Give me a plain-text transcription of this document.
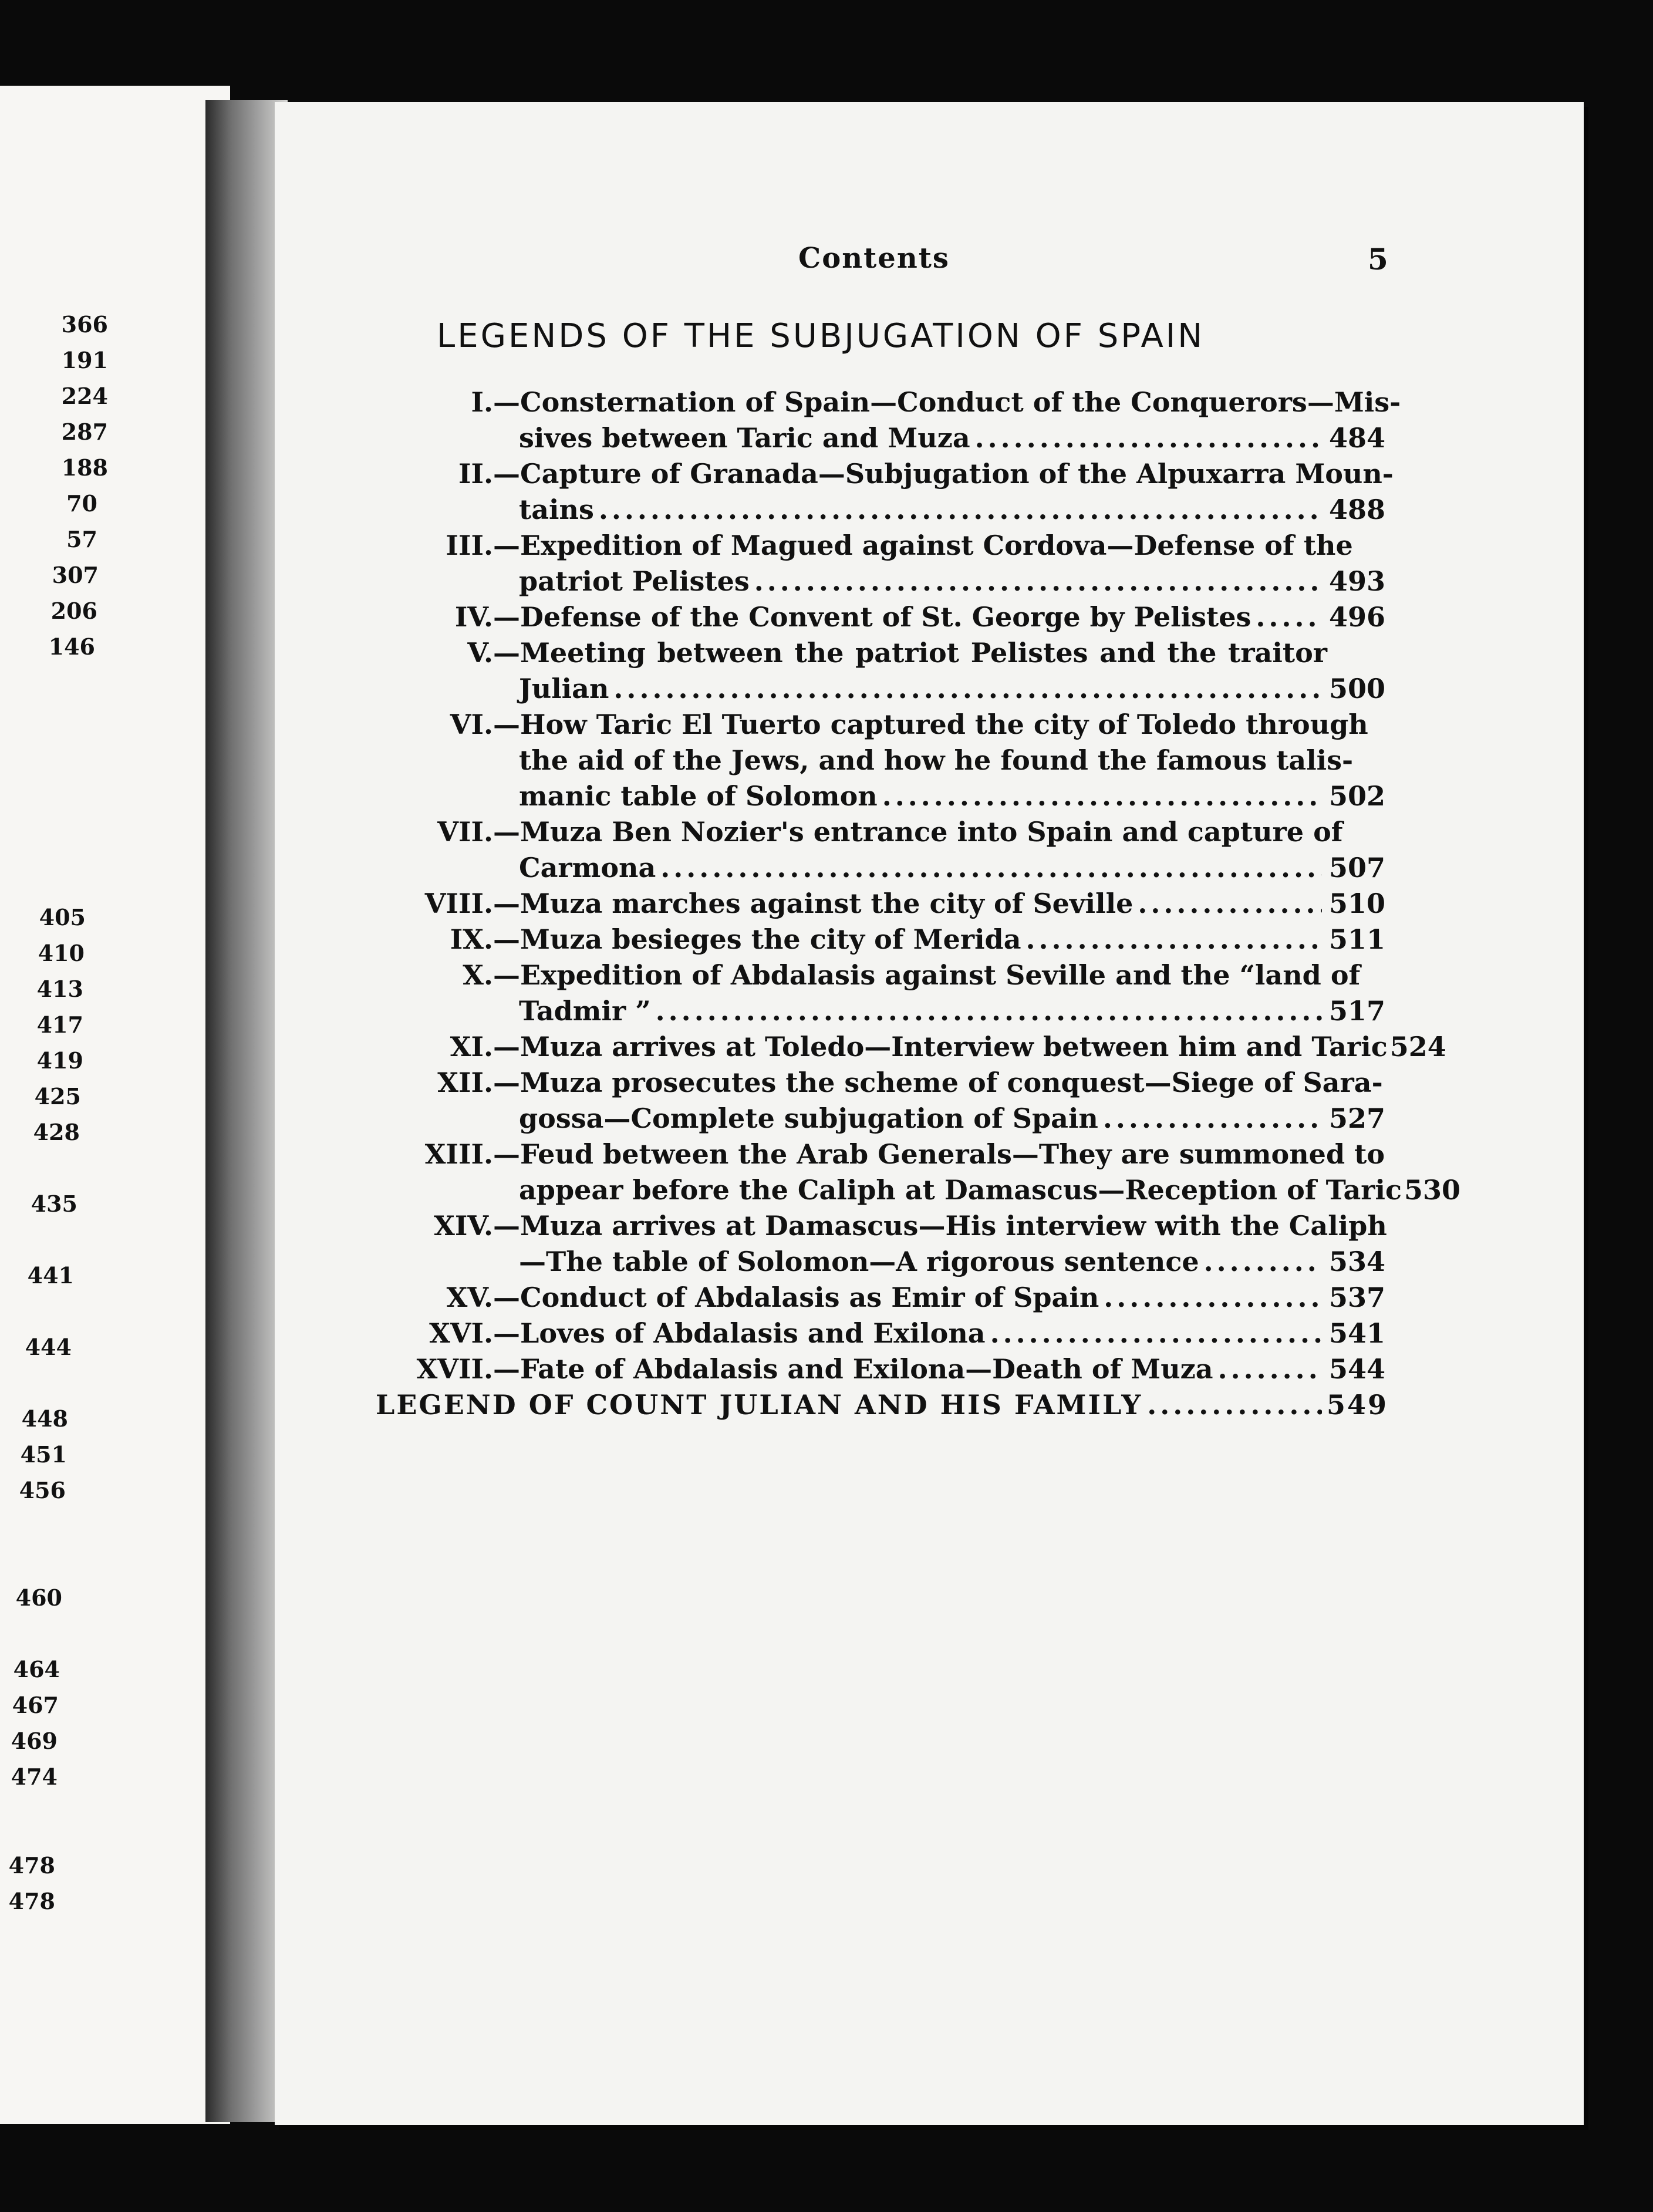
366
191
224
287
188
70
57
307
206
146
405
410
413
417
419
425
428
435
441
444
448
451
456
460
464
467
469
474
478
478
Contents	5
LEGENDS OF THE SUBJUGATION OF SPAIN
I. —Consternation of Spain—Conduct of the Conquerors—Mis-
sives between Taric and Muza .....	484
II. —Capture of Granada—Subjugation of the Alpuxarra Moun-
tains .....	488
III. —Expedition of Magued against Cordova—Defense of the
patriot Pelistes .....	493
IV. —Defense of the Convent of St. George by Pelistes .....	496
V. —Meeting between the patriot Pelistes and the traitor
Julian .....	500
VI. —How Taric El Tuerto captured the city of Toledo through
the aid of the Jews, and how he found the famous talis-
manic table of Solomon .....	502
VII. —Muza Ben Nozier's entrance into Spain and capture of
Carmona .....	507
VIII. —Muza marches against the city of Seville .....	510
IX. —Muza besieges the city of Merida .....	511
X. —Expedition of Abdalasis against Seville and the “land of
Tadmir ” .....	517
XI. —Muza arrives at Toledo—Interview between him and Taric 524
XII. —Muza prosecutes the scheme of conquest—Siege of Sara-
gossa—Complete subjugation of Spain .....	527
XIII. —Feud between the Arab Generals—They are summoned to
appear before the Caliph at Damascus—Reception of Taric 530
XIV. —Muza arrives at Damascus—His interview with the Caliph
—The table of Solomon—A rigorous sentence .....	534
XV. —Conduct of Abdalasis as Emir of Spain .....	537
XVI. —Loves of Abdalasis and Exilona .....	541
XVII. —Fate of Abdalasis and Exilona—Death of Muza .....	544
LEGEND OF COUNT JULIAN AND HIS FAMILY .....	549
